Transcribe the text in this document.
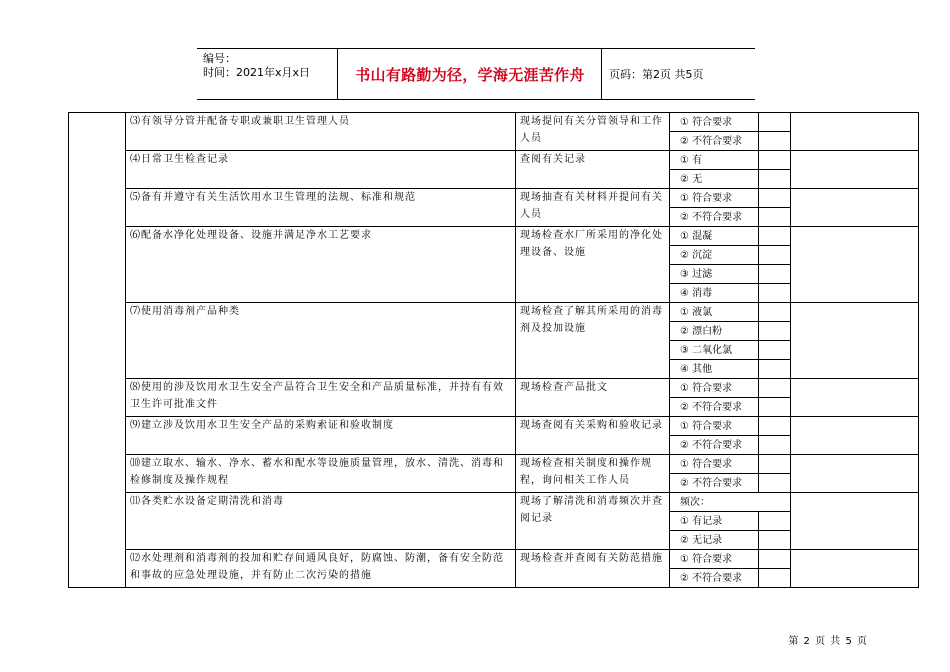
编号：
时间：2021年x月x日	书山有路勤为径，学海无涯苦作舟	页码：第2页 共5页
	⑶有领导分管并配备专职或兼职卫生管理人员	现场提问有关分管领导和工作人员	① 符合要求		
			② 不符合要求		
	⑷日常卫生检查记录	查阅有关记录	① 有		
			② 无		
	⑸备有并遵守有关生活饮用水卫生管理的法规、标准和规范	现场抽查有关材料并提问有关人员	① 符合要求		
			② 不符合要求		
	⑹配备水净化处理设备、设施并满足净水工艺要求	现场检查水厂所采用的净化处理设备、设施	① 混凝		
			② 沉淀		
			③ 过滤		
			④ 消毒		
	⑺使用消毒剂产品种类	现场检查了解其所采用的消毒剂及投加设施	① 液氯		
			② 漂白粉		
			③ 二氧化氯		
			④ 其他		
	⑻使用的涉及饮用水卫生安全产品符合卫生安全和产品质量标准，并持有有效卫生许可批准文件	现场检查产品批文	① 符合要求		
			② 不符合要求		
	⑼建立涉及饮用水卫生安全产品的采购索证和验收制度	现场查阅有关采购和验收记录	① 符合要求		
			② 不符合要求		
	⑽建立取水、输水、净水、蓄水和配水等设施质量管理，放水、清洗、消毒和检修制度及操作规程	现场检查相关制度和操作规程，询问相关工作人员	① 符合要求		
			② 不符合要求		
	⑾各类贮水设备定期清洗和消毒	现场了解清洗和消毒频次并查阅记录	频次：		
			① 有记录		
			② 无记录		
	⑿水处理剂和消毒剂的投加和贮存间通风良好，防腐蚀、防潮，备有安全防范和事故的应急处理设施，并有防止二次污染的措施	现场检查并查阅有关防范措施	① 符合要求		
			② 不符合要求		
第 2 页 共 5 页
